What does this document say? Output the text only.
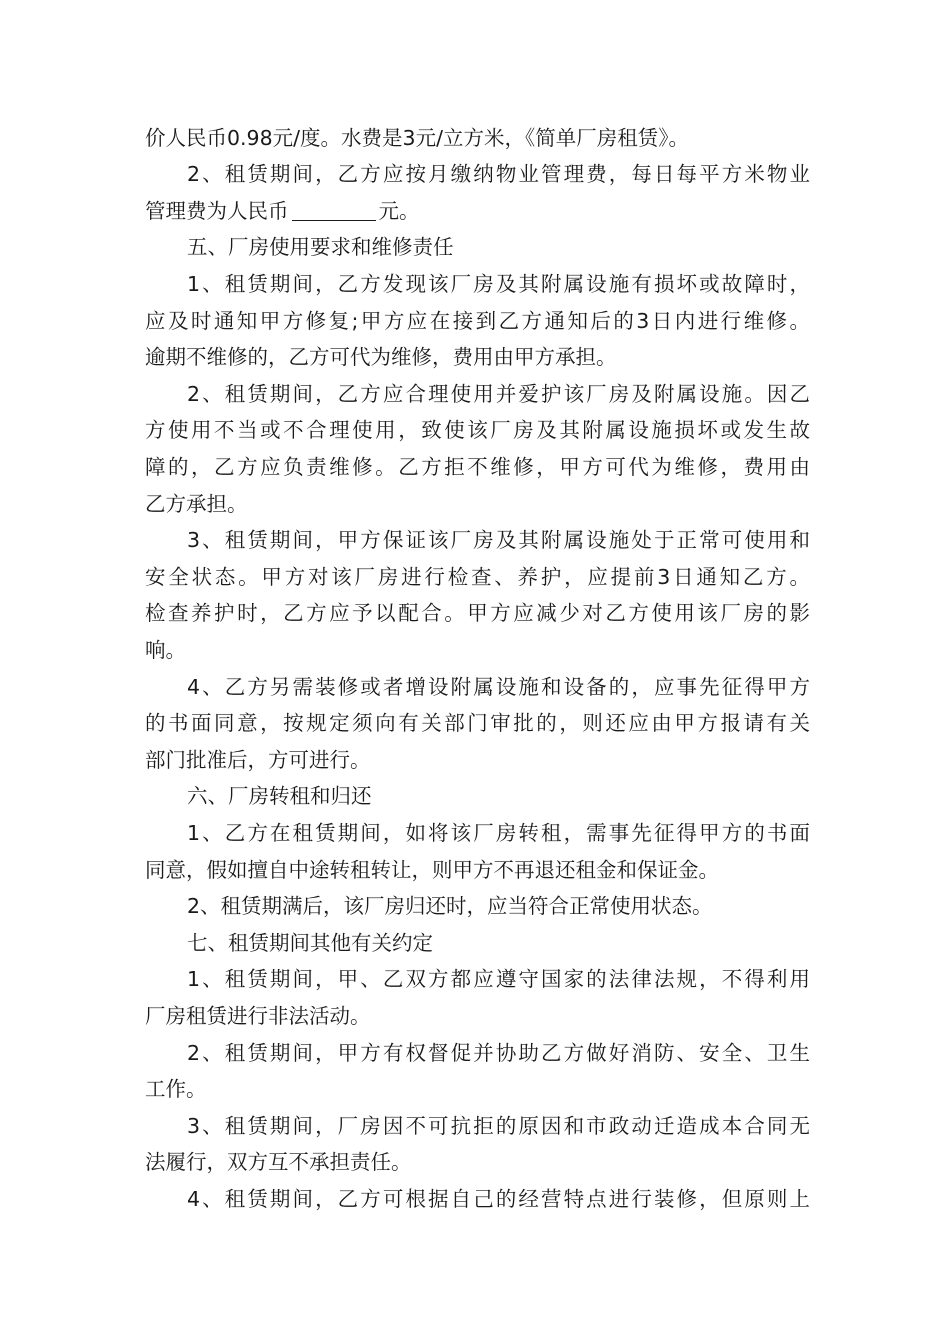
价人民币0.98元/度。水费是3元/立方米，《简单厂房租赁》。
2、租赁期间，乙方应按月缴纳物业管理费，每日每平方米物业
管理费为人民币	元。
五、厂房使用要求和维修责任
1、租赁期间，乙方发现该厂房及其附属设施有损坏或故障时，
应及时通知甲方修复;甲方应在接到乙方通知后的3日内进行维修。
逾期不维修的，乙方可代为维修，费用由甲方承担。
2、租赁期间，乙方应合理使用并爱护该厂房及附属设施。因乙
方使用不当或不合理使用，致使该厂房及其附属设施损坏或发生故
障的，乙方应负责维修。乙方拒不维修，甲方可代为维修，费用由
乙方承担。
3、租赁期间，甲方保证该厂房及其附属设施处于正常可使用和
安全状态。甲方对该厂房进行检查、养护，应提前3日通知乙方。
检查养护时，乙方应予以配合。甲方应减少对乙方使用该厂房的影
响。
4、乙方另需装修或者增设附属设施和设备的，应事先征得甲方
的书面同意，按规定须向有关部门审批的，则还应由甲方报请有关
部门批准后，方可进行。
六、厂房转租和归还
1、乙方在租赁期间，如将该厂房转租，需事先征得甲方的书面
同意，假如擅自中途转租转让，则甲方不再退还租金和保证金。
2、租赁期满后，该厂房归还时，应当符合正常使用状态。
七、租赁期间其他有关约定
1、租赁期间，甲、乙双方都应遵守国家的法律法规，不得利用
厂房租赁进行非法活动。
2、租赁期间，甲方有权督促并协助乙方做好消防、安全、卫生
工作。
3、租赁期间，厂房因不可抗拒的原因和市政动迁造成本合同无
法履行，双方互不承担责任。
4、租赁期间，乙方可根据自己的经营特点进行装修，但原则上
